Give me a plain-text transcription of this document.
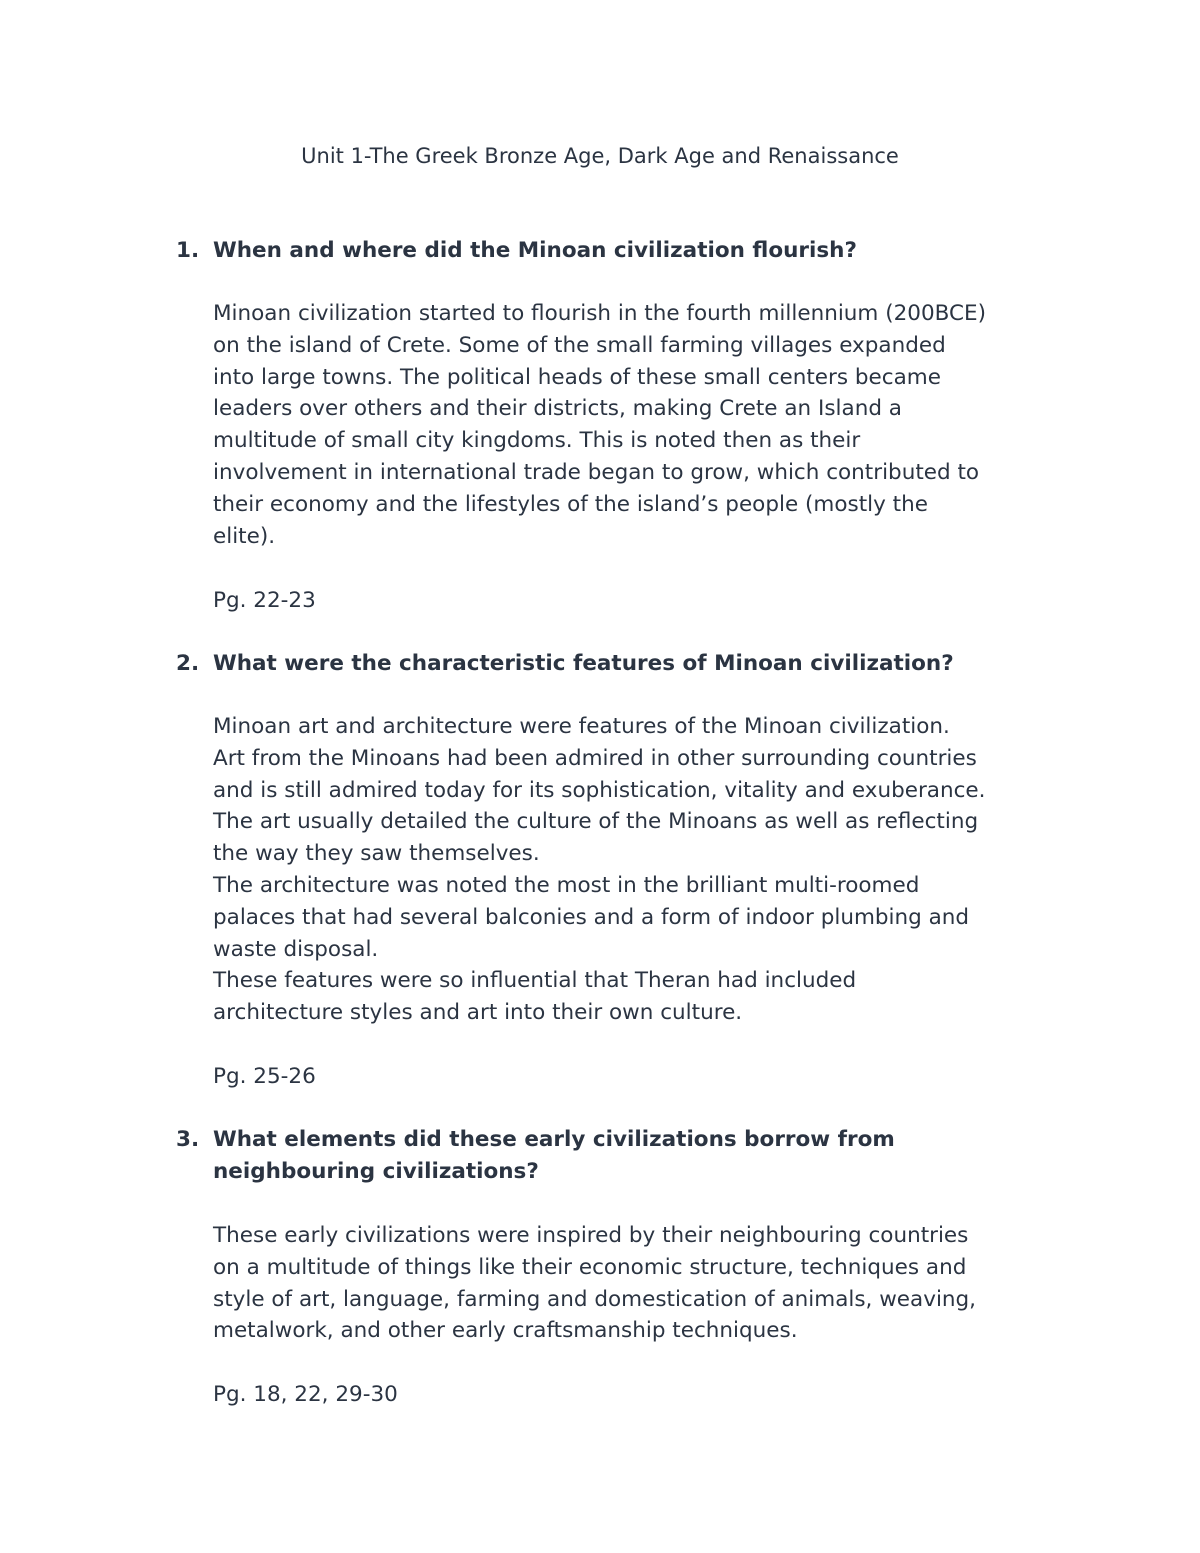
Unit 1-The Greek Bronze Age, Dark Age and Renaissance
1. When and where did the Minoan civilization flourish?
Minoan civilization started to flourish in the fourth millennium (200BCE)
on the island of Crete. Some of the small farming villages expanded
into large towns. The political heads of these small centers became
leaders over others and their districts, making Crete an Island a
multitude of small city kingdoms. This is noted then as their
involvement in international trade began to grow, which contributed to
their economy and the lifestyles of the island’s people (mostly the
elite).
Pg. 22-23
2. What were the characteristic features of Minoan civilization?
Minoan art and architecture were features of the Minoan civilization.
Art from the Minoans had been admired in other surrounding countries
and is still admired today for its sophistication, vitality and exuberance.
The art usually detailed the culture of the Minoans as well as reflecting
the way they saw themselves.
The architecture was noted the most in the brilliant multi-roomed
palaces that had several balconies and a form of indoor plumbing and
waste disposal.
These features were so influential that Theran had included
architecture styles and art into their own culture.
Pg. 25-26
3. What elements did these early civilizations borrow from
neighbouring civilizations?
These early civilizations were inspired by their neighbouring countries
on a multitude of things like their economic structure, techniques and
style of art, language, farming and domestication of animals, weaving,
metalwork, and other early craftsmanship techniques.
Pg. 18, 22, 29-30
